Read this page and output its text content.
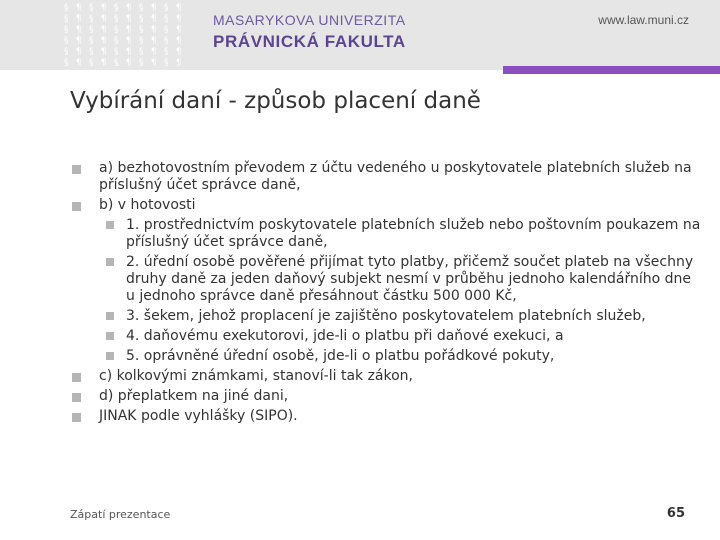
§ ¶ § ¶ § ¶ § ¶ § ¶
§ ¶ § ¶ § ¶ § ¶ § ¶
§ ¶ § ¶ § ¶ § ¶ § ¶
§ ¶ § ¶ § ¶ § ¶ § ¶
§ ¶ § ¶ § ¶ § ¶ § ¶
§ ¶ § ¶ § ¶ § ¶ § ¶
MASARYKOVA UNIVERZITA
PRÁVNICKÁ FAKULTA
www.law.muni.cz
Vybírání daní - způsob placení daně
a) bezhotovostním převodem z účtu vedeného u poskytovatele platebních služeb na příslušný účet správce daně,
b) v hotovosti
1. prostřednictvím poskytovatele platebních služeb nebo poštovním poukazem na příslušný účet správce daně,
2. úřední osobě pověřené přijímat tyto platby, přičemž součet plateb na všechny druhy daně za jeden daňový subjekt nesmí v průběhu jednoho kalendářního dne u jednoho správce daně přesáhnout částku 500 000 Kč,
3. šekem, jehož proplacení je zajištěno poskytovatelem platebních služeb,
4. daňovému exekutorovi, jde-li o platbu při daňové exekuci, a
5. oprávněné úřední osobě, jde-li o platbu pořádkové pokuty,
c) kolkovými známkami, stanoví-li tak zákon,
d) přeplatkem na jiné dani,
JINAK podle vyhlášky (SIPO).
Zápatí prezentace	65
